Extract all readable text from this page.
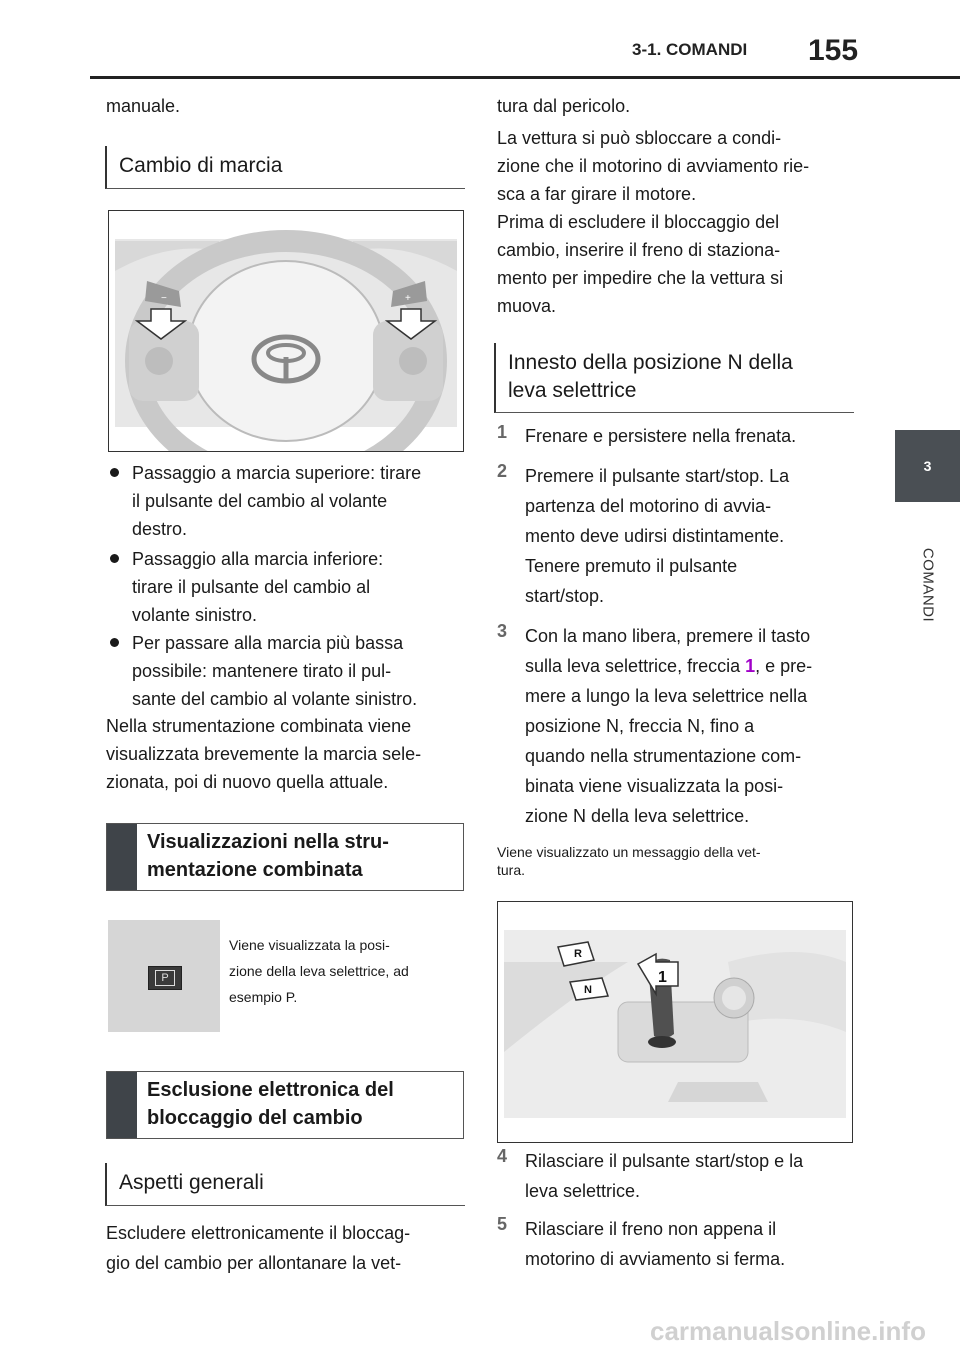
3-1. COMANDI 155
3
COMANDI
manuale.
Cambio di marcia
−	+
Passaggio a marcia superiore: tirare
il pulsante del cambio al volante
destro.
Passaggio alla marcia inferiore:
tirare il pulsante del cambio al
volante sinistro.
Per passare alla marcia più bassa
possibile: mantenere tirato il pul-
sante del cambio al volante sinistro.
Nella strumentazione combinata viene
visualizzata brevemente la marcia sele-
zionata, poi di nuovo quella attuale.
Visualizzazioni nella stru-
mentazione combinata
P
Viene visualizzata la posi-
zione della leva selettrice, ad
esempio P.
Esclusione elettronica del
bloccaggio del cambio
Aspetti generali
Escludere elettronicamente il bloccag-
gio del cambio per allontanare la vet-
tura dal pericolo.
La vettura si può sbloccare a condi-
zione che il motorino di avviamento rie-
sca a far girare il motore.
Prima di escludere il bloccaggio del
cambio, inserire il freno di staziona-
mento per impedire che la vettura si
muova.
Innesto della posizione N della
leva selettrice
1 Frenare e persistere nella frenata.
2 Premere il pulsante start/stop. La
partenza del motorino di avvia-
mento deve udirsi distintamente.
Tenere premuto il pulsante
start/stop.
3 Con la mano libera, premere il tasto
sulla leva selettrice, freccia 1, e pre-
mere a lungo la leva selettrice nella
posizione N, freccia N, fino a
quando nella strumentazione com-
binata viene visualizzata la posi-
zione N della leva selettrice.
Viene visualizzato un messaggio della vet-
tura.
R
N
1
4 Rilasciare il pulsante start/stop e la
leva selettrice.
5 Rilasciare il freno non appena il
motorino di avviamento si ferma.
carmanualsonline.info
